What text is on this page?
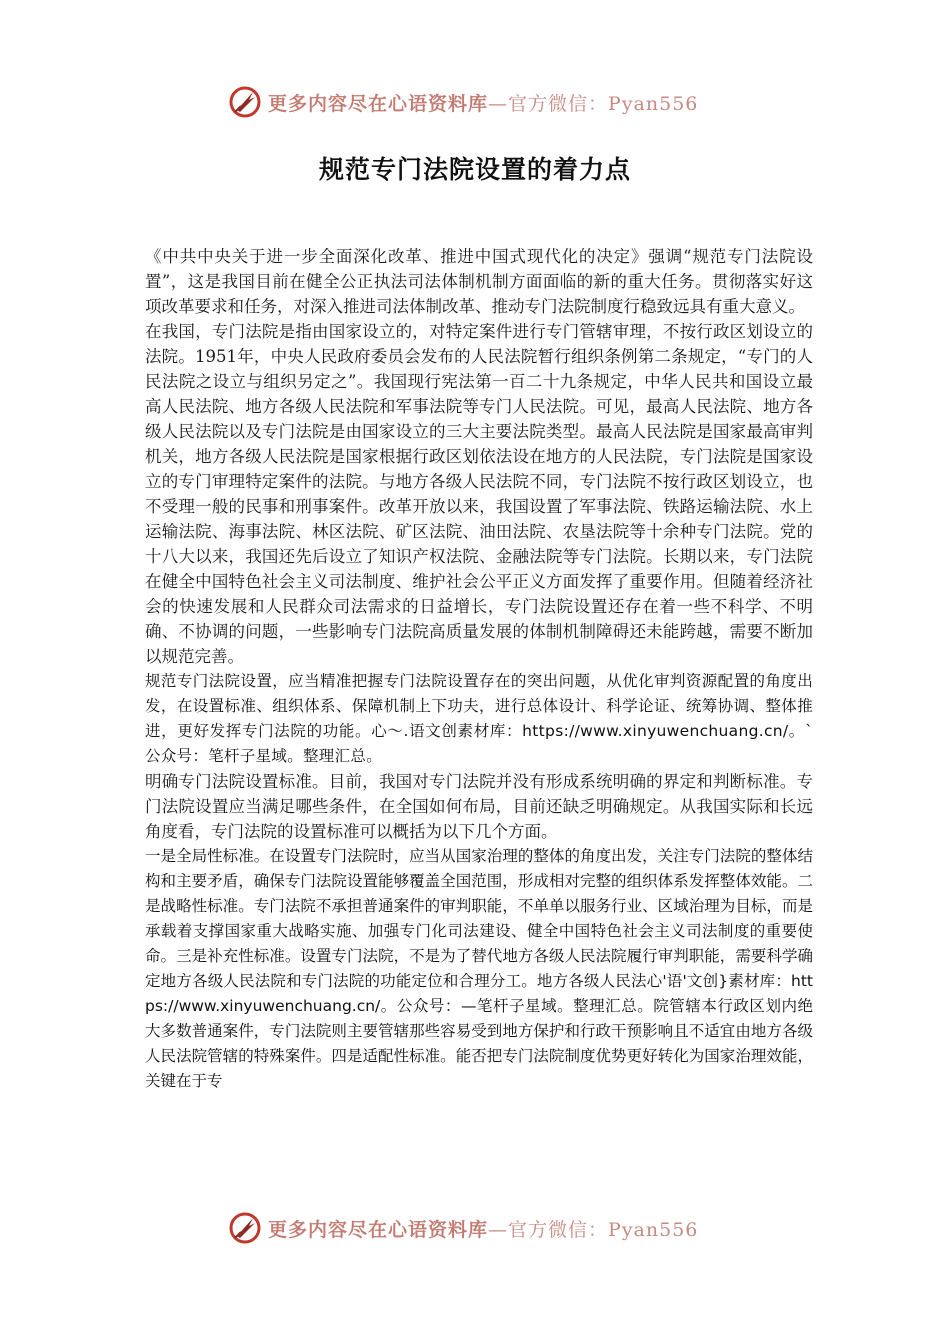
更多内容尽在心语资料库—官方微信：Pyan556
规范专门法院设置的着力点

《中共中央关于进一步全面深化改革、推进中国式现代化的决定》强调“规范专门法院设置”，这是我国目前在健全公正执法司法体制机制方面面临的新的重大任务。贯彻落实好这项改革要求和任务，对深入推进司法体制改革、推动专门法院制度行稳致远具有重大意义。

在我国，专门法院是指由国家设立的，对特定案件进行专门管辖审理，不按行政区划设立的法院。1951年，中央人民政府委员会发布的人民法院暂行组织条例第二条规定，“专门的人民法院之设立与组织另定之”。我国现行宪法第一百二十九条规定，中华人民共和国设立最高人民法院、地方各级人民法院和军事法院等专门人民法院。可见，最高人民法院、地方各级人民法院以及专门法院是由国家设立的三大主要法院类型。最高人民法院是国家最高审判机关，地方各级人民法院是国家根据行政区划依法设在地方的人民法院，专门法院是国家设立的专门审理特定案件的法院。与地方各级人民法院不同，专门法院不按行政区划设立，也不受理一般的民事和刑事案件。改革开放以来，我国设置了军事法院、铁路运输法院、水上运输法院、海事法院、林区法院、矿区法院、油田法院、农垦法院等十余种专门法院。党的十八大以来，我国还先后设立了知识产权法院、金融法院等专门法院。长期以来，专门法院在健全中国特色社会主义司法制度、维护社会公平正义方面发挥了重要作用。但随着经济社会的快速发展和人民群众司法需求的日益增长，专门法院设置还存在着一些不科学、不明确、不协调的问题，一些影响专门法院高质量发展的体制机制障碍还未能跨越，需要不断加以规范完善。

规范专门法院设置，应当精准把握专门法院设置存在的突出问题，从优化审判资源配置的角度出发，在设置标准、组织体系、保障机制上下功夫，进行总体设计、科学论证、统筹协调、整体推进，更好发挥专门法院的功能。心～.语文创素材库：https://www.xinyuwenchuang.cn/。`公众号：笔杆子星域。整理汇总。

明确专门法院设置标准。目前，我国对专门法院并没有形成系统明确的界定和判断标准。专门法院设置应当满足哪些条件，在全国如何布局，目前还缺乏明确规定。从我国实际和长远角度看，专门法院的设置标准可以概括为以下几个方面。

一是全局性标准。在设置专门法院时，应当从国家治理的整体的角度出发，关注专门法院的整体结构和主要矛盾，确保专门法院设置能够覆盖全国范围，形成相对完整的组织体系发挥整体效能。二是战略性标准。专门法院不承担普通案件的审判职能，不单单以服务行业、区域治理为目标，而是承载着支撑国家重大战略实施、加强专门化司法建设、健全中国特色社会主义司法制度的重要使命。三是补充性标准。设置专门法院，不是为了替代地方各级人民法院履行审判职能，需要科学确定地方各级人民法院和专门法院的功能定位和合理分工。地方各级人民法心'语'文创}素材库：https://www.xinyuwenchuang.cn/。公众号：—笔杆子星域。整理汇总。院管辖本行政区划内绝大多数普通案件，专门法院则主要管辖那些容易受到地方保护和行政干预影响且不适宜由地方各级人民法院管辖的特殊案件。四是适配性标准。能否把专门法院制度优势更好转化为国家治理效能，关键在于专

更多内容尽在心语资料库—官方微信：Pyan556
